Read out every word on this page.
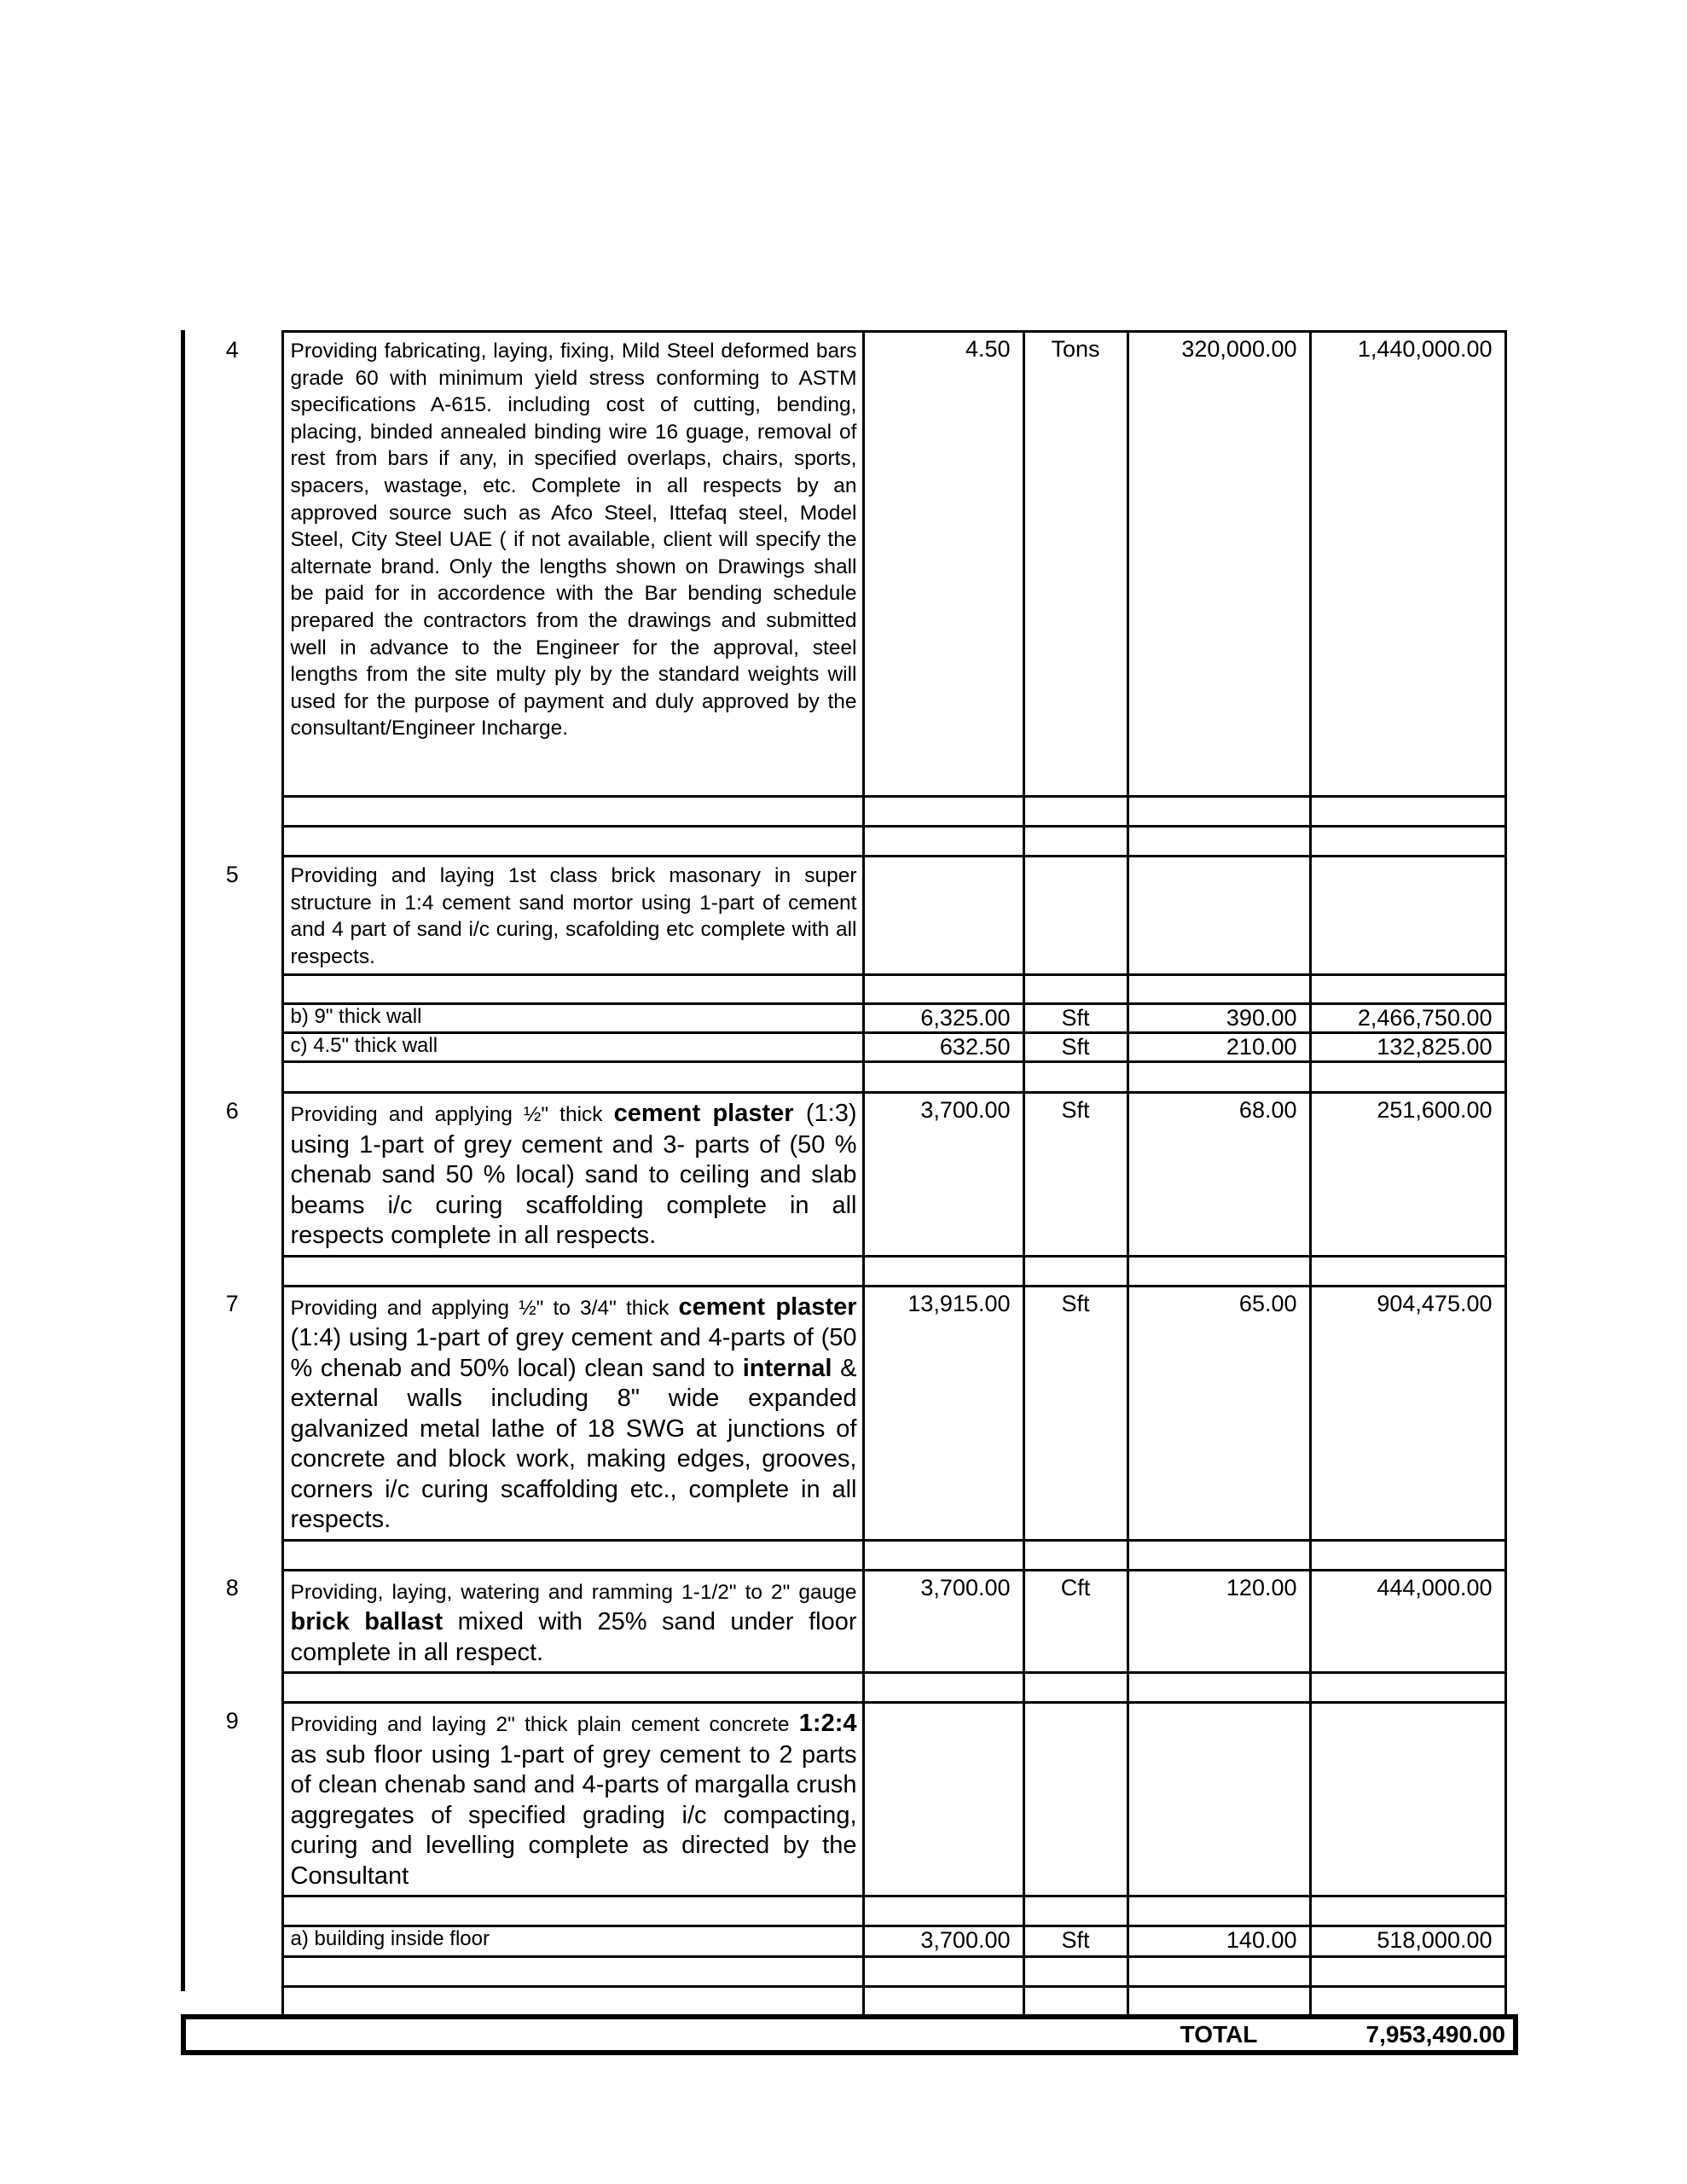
4	Providing fabricating, laying, fixing, Mild Steel deformed bars grade 60 with minimum yield stress conforming to ASTM specifications A-615. including cost of cutting, bending, placing, binded annealed binding wire 16 guage, removal of rest from bars if any, in specified overlaps, chairs, sports, spacers, wastage, etc. Complete in all respects by an approved source such as Afco Steel, Ittefaq steel, Model Steel, City Steel UAE ( if not available, client will specify the alternate brand. Only the lengths shown on Drawings shall be paid for in accordence with the Bar bending schedule prepared the contractors from the drawings and submitted well in advance to the Engineer for the approval, steel lengths from the site multy ply by the standard weights will used for the purpose of payment and duly approved by the consultant/Engineer Incharge.	4.50	Tons	320,000.00	1,440,000.00	

5	Providing and laying 1st class brick masonary in super structure in 1:4 cement sand mortor using 1-part of cement and 4 part of sand i/c curing, scafolding etc complete with all respects.					

	b) 9" thick wall	6,325.00	Sft	390.00	2,466,750.00	
	c) 4.5" thick wall	632.50	Sft	210.00	132,825.00	

6	Providing and applying ½" thick cement plaster (1:3) using 1-part of grey cement and 3- parts of (50 % chenab sand 50 % local) sand to ceiling and slab beams i/c curing scaffolding complete in all respects complete in all respects.	3,700.00	Sft	68.00	251,600.00	

7	Providing and applying ½" to 3/4" thick cement plaster (1:4) using 1-part of grey cement and 4-parts of (50 % chenab and 50% local) clean sand to internal & external walls including 8" wide expanded galvanized metal lathe of 18 SWG at junctions of concrete and block work, making edges, grooves, corners i/c curing scaffolding etc., complete in all respects.	13,915.00	Sft	65.00	904,475.00	

8	Providing, laying, watering and ramming 1-1/2" to 2" gauge brick ballast mixed with 25% sand under floor complete in all respect.	3,700.00	Cft	120.00	444,000.00	

9	Providing and laying 2" thick plain cement concrete 1:2:4 as sub floor using 1-part of grey cement to 2 parts of clean chenab sand and 4-parts of margalla crush aggregates of specified grading i/c compacting, curing and levelling complete as directed by the Consultant					

	a) building inside floor	3,700.00	Sft	140.00	518,000.00	

				TOTAL	7,953,490.00	
